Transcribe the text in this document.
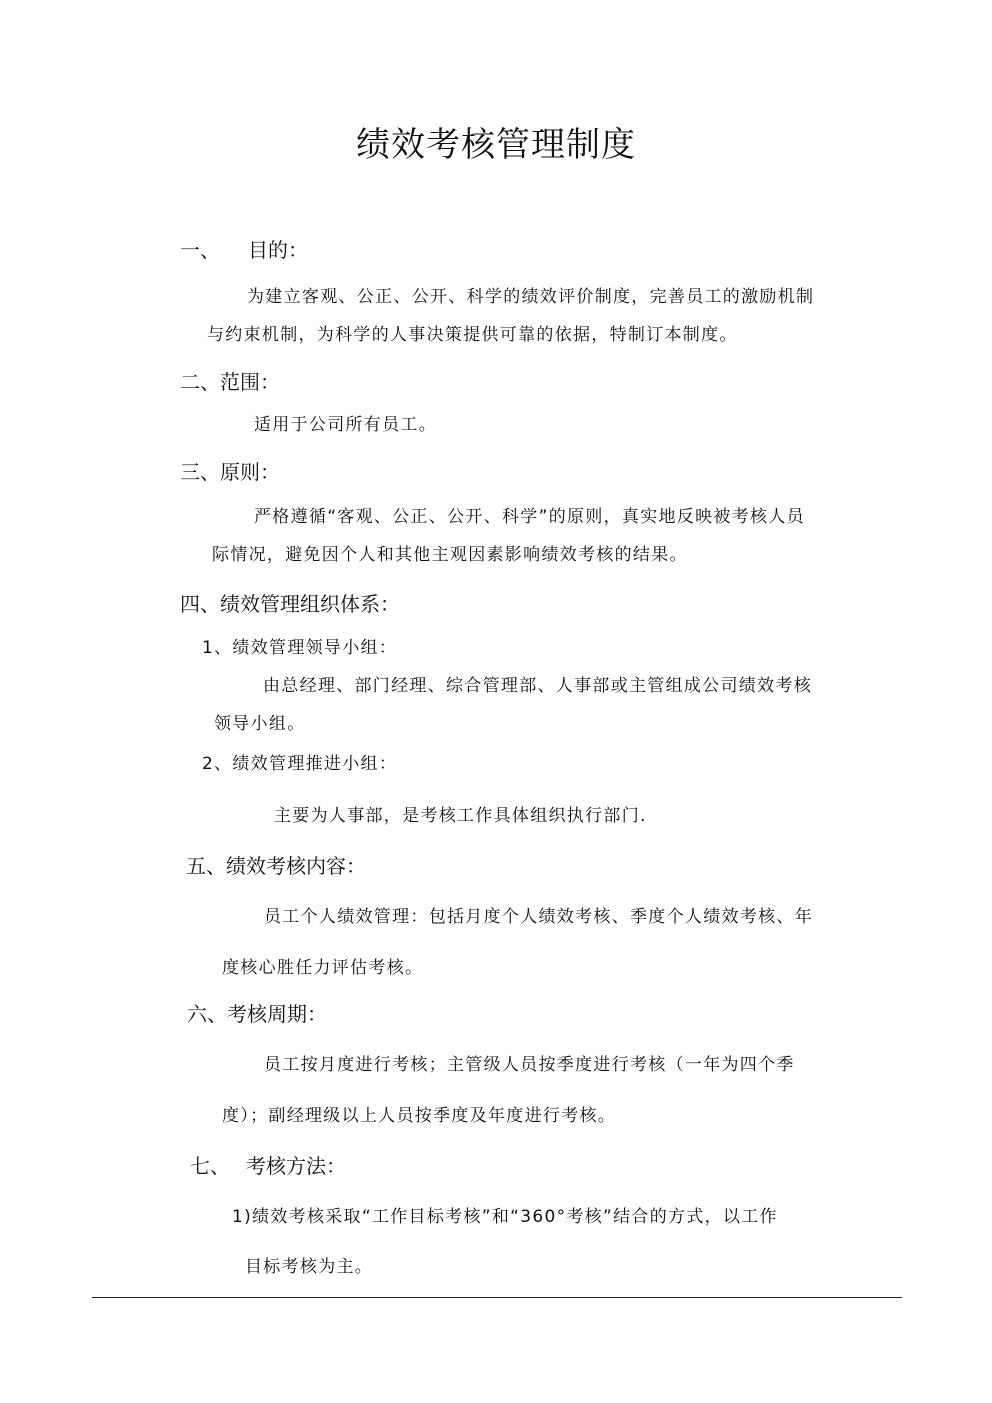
绩效考核管理制度
一、 目的：
为建立客观、公正、公开、科学的绩效评价制度，完善员工的激励机制
与约束机制，为科学的人事决策提供可靠的依据，特制订本制度。
二、范围：
适用于公司所有员工。
三、原则：
严格遵循“客观、公正、公开、科学”的原则，真实地反映被考核人员
际情况，避免因个人和其他主观因素影响绩效考核的结果。
四、绩效管理组织体系：
1、绩效管理领导小组：
由总经理、部门经理、综合管理部、人事部或主管组成公司绩效考核
领导小组。
2、绩效管理推进小组：
主要为人事部，是考核工作具体组织执行部门.
五、绩效考核内容：
员工个人绩效管理：包括月度个人绩效考核、季度个人绩效考核、年
度核心胜任力评估考核。
六、考核周期：
员工按月度进行考核；主管级人员按季度进行考核（一年为四个季
度）；副经理级以上人员按季度及年度进行考核。
七、 考核方法：
1)绩效考核采取“工作目标考核”和“360°考核”结合的方式，以工作
目标考核为主。
